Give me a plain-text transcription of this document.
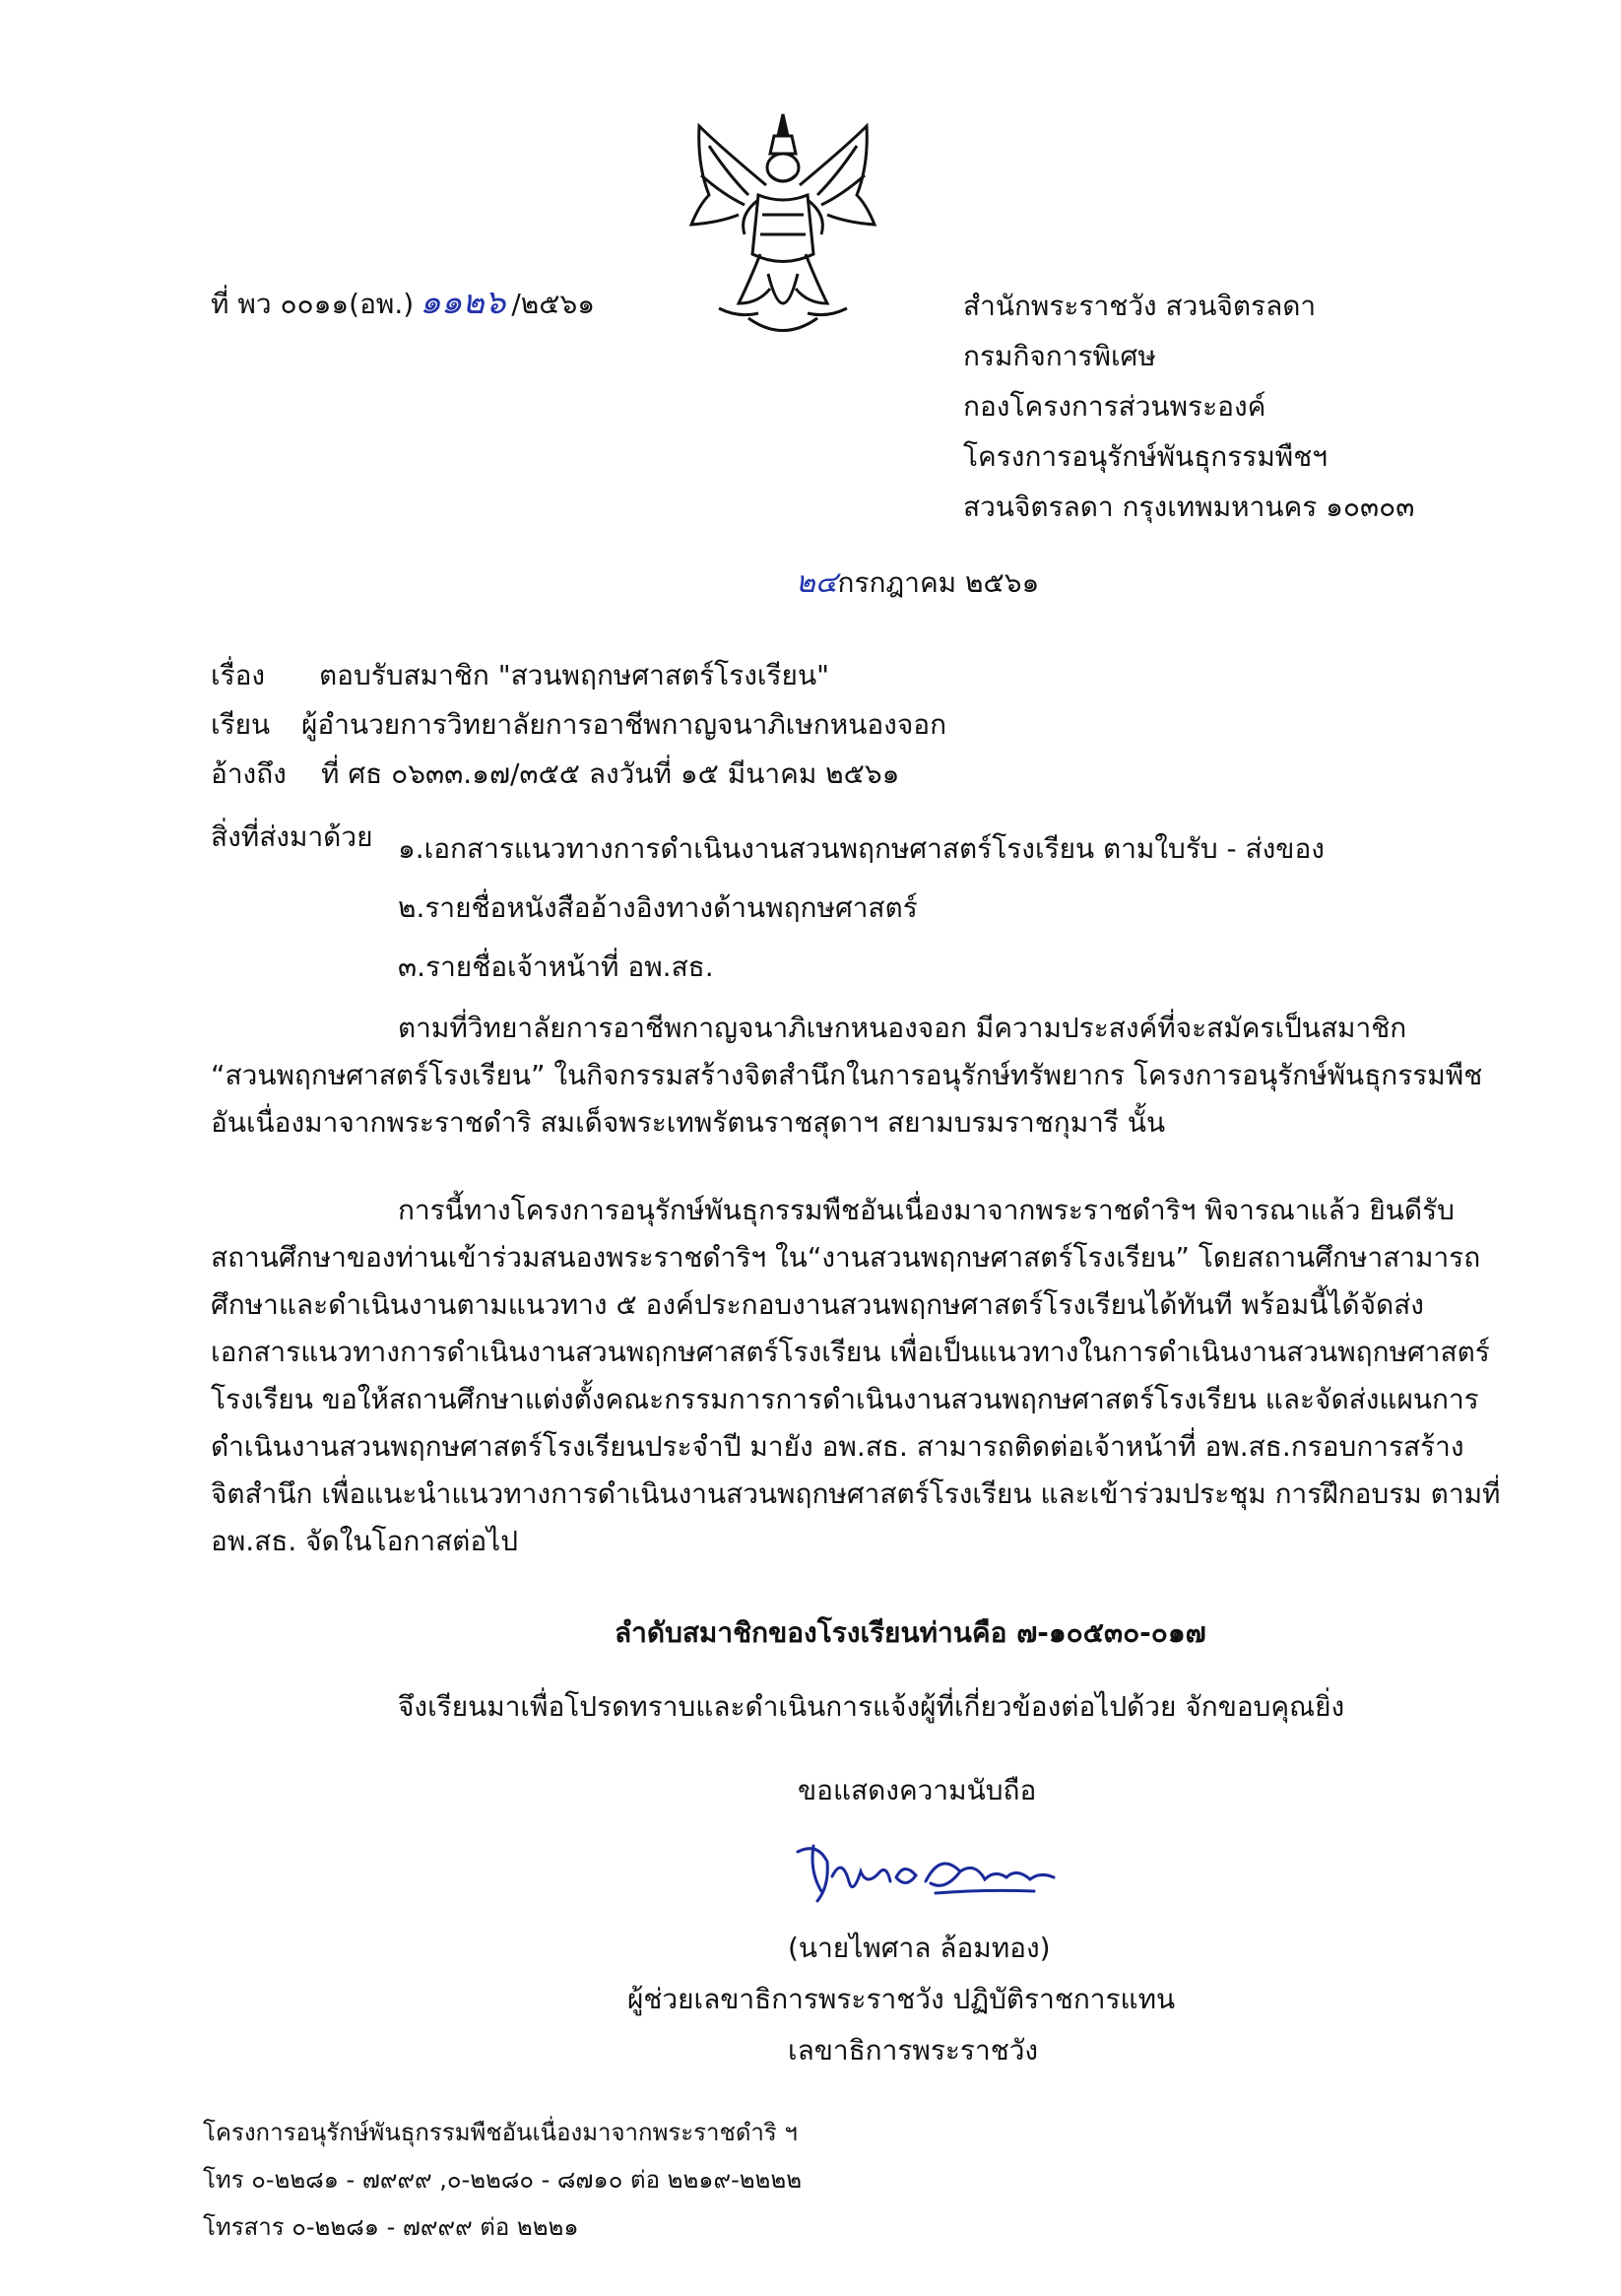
ที่ พว ๐๐๑๑(อพ.) ๑๑๒๖ /๒๕๖๑	สำนักพระราชวัง สวนจิตรลดา
กรมกิจการพิเศษ
กองโครงการส่วนพระองค์
โครงการอนุรักษ์พันธุกรรมพืชฯ
สวนจิตรลดา กรุงเทพมหานคร ๑๐๓๐๓
๒๔กรกฎาคม ๒๕๖๑
เรื่อง ตอบรับสมาชิก "สวนพฤกษศาสตร์โรงเรียน"
เรียน ผู้อำนวยการวิทยาลัยการอาชีพกาญจนาภิเษกหนองจอก
อ้างถึง ที่ ศธ ๐๖๓๓.๑๗/๓๕๕ ลงวันที่ ๑๕ มีนาคม ๒๕๖๑
สิ่งที่ส่งมาด้วย ๑.เอกสารแนวทางการดำเนินงานสวนพฤกษศาสตร์โรงเรียน ตามใบรับ - ส่งของ
๒.รายชื่อหนังสืออ้างอิงทางด้านพฤกษศาสตร์
๓.รายชื่อเจ้าหน้าที่ อพ.สธ.
ตามที่วิทยาลัยการอาชีพกาญจนาภิเษกหนองจอก มีความประสงค์ที่จะสมัครเป็นสมาชิก
“สวนพฤกษศาสตร์โรงเรียน” ในกิจกรรมสร้างจิตสำนึกในการอนุรักษ์ทรัพยากร โครงการอนุรักษ์พันธุกรรมพืช
อันเนื่องมาจากพระราชดำริ สมเด็จพระเทพรัตนราชสุดาฯ สยามบรมราชกุมารี นั้น
การนี้ทางโครงการอนุรักษ์พันธุกรรมพืชอันเนื่องมาจากพระราชดำริฯ พิจารณาแล้ว ยินดีรับ
สถานศึกษาของท่านเข้าร่วมสนองพระราชดำริฯ ใน“งานสวนพฤกษศาสตร์โรงเรียน” โดยสถานศึกษาสามารถ
ศึกษาและดำเนินงานตามแนวทาง ๕ องค์ประกอบงานสวนพฤกษศาสตร์โรงเรียนได้ทันที พร้อมนี้ได้จัดส่ง
เอกสารแนวทางการดำเนินงานสวนพฤกษศาสตร์โรงเรียน เพื่อเป็นแนวทางในการดำเนินงานสวนพฤกษศาสตร์
โรงเรียน ขอให้สถานศึกษาแต่งตั้งคณะกรรมการการดำเนินงานสวนพฤกษศาสตร์โรงเรียน และจัดส่งแผนการ
ดำเนินงานสวนพฤกษศาสตร์โรงเรียนประจำปี มายัง อพ.สธ. สามารถติดต่อเจ้าหน้าที่ อพ.สธ.กรอบการสร้าง
จิตสำนึก เพื่อแนะนำแนวทางการดำเนินงานสวนพฤกษศาสตร์โรงเรียน และเข้าร่วมประชุม การฝึกอบรม ตามที่
อพ.สธ. จัดในโอกาสต่อไป
ลำดับสมาชิกของโรงเรียนท่านคือ ๗-๑๐๕๓๐-๐๑๗
จึงเรียนมาเพื่อโปรดทราบและดำเนินการแจ้งผู้ที่เกี่ยวข้องต่อไปด้วย จักขอบคุณยิ่ง
ขอแสดงความนับถือ
(นายไพศาล ล้อมทอง)
ผู้ช่วยเลขาธิการพระราชวัง ปฏิบัติราชการแทน
เลขาธิการพระราชวัง
โครงการอนุรักษ์พันธุกรรมพืชอันเนื่องมาจากพระราชดำริ ฯ
โทร ๐-๒๒๘๑ - ๗๙๙๙ ,๐-๒๒๘๐ - ๘๗๑๐ ต่อ ๒๒๑๙-๒๒๒๒
โทรสาร ๐-๒๒๘๑ - ๗๙๙๙ ต่อ ๒๒๒๑
